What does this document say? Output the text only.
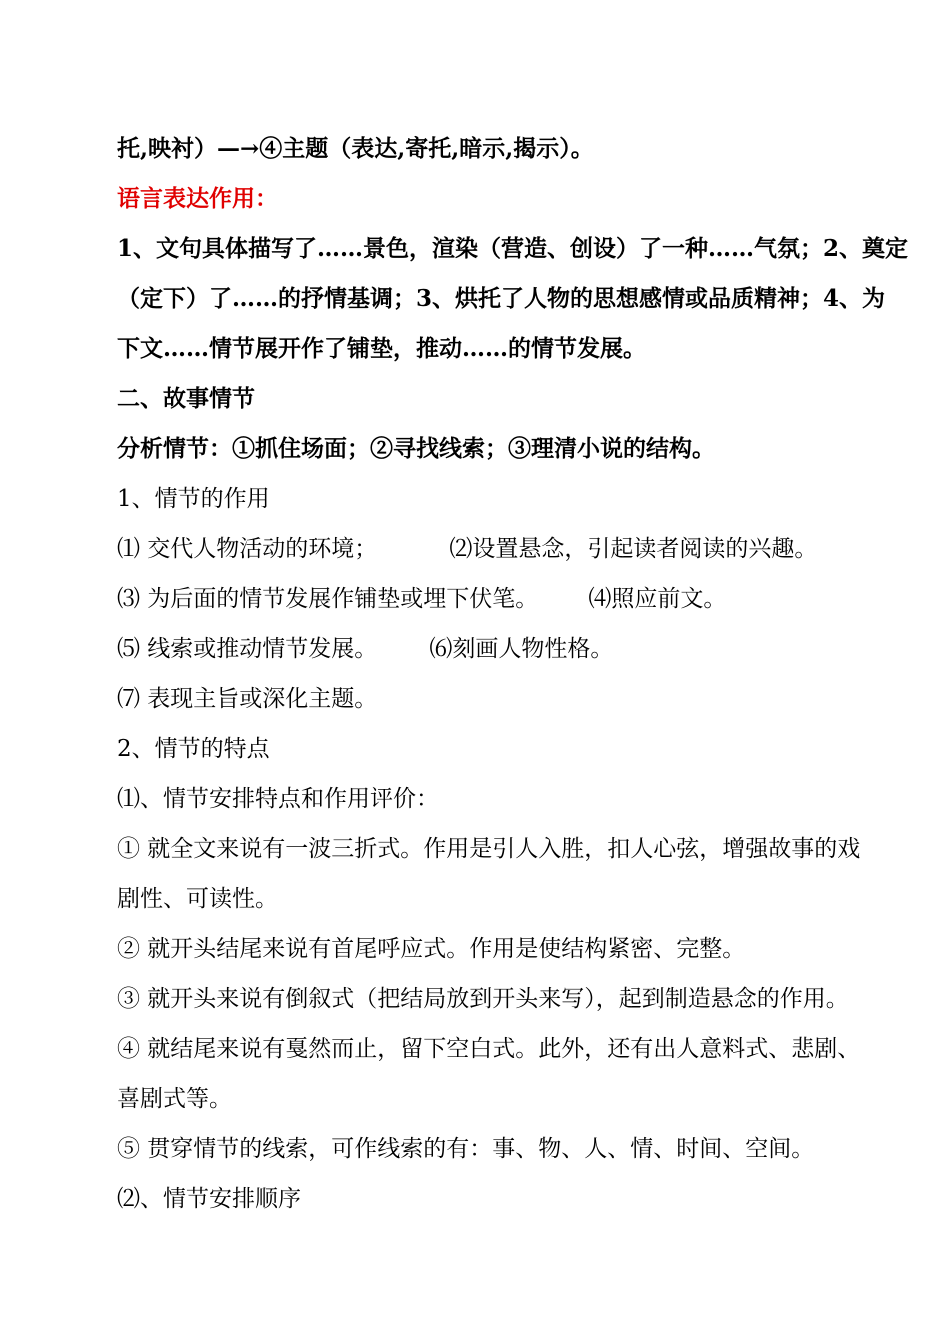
托,映衬）—→④主题（表达,寄托,暗示,揭示）。
语言表达作用：
1、文句具体描写了……景色，渲染（营造、创设）了一种……气氛；2、奠定
（定下）了……的抒情基调；3、烘托了人物的思想感情或品质精神；4、为
下文……情节展开作了铺垫，推动……的情节发展。
二、故事情节
分析情节：①抓住场面；②寻找线索；③理清小说的结构。
1、情节的作用
⑴ 交代人物活动的环境；	⑵设置悬念，引起读者阅读的兴趣。
⑶ 为后面的情节发展作铺垫或埋下伏笔。 ⑷照应前文。
⑸ 线索或推动情节发展。 ⑹刻画人物性格。
⑺ 表现主旨或深化主题。
2、情节的特点
⑴、情节安排特点和作用评价：
① 就全文来说有一波三折式。作用是引人入胜，扣人心弦，增强故事的戏
剧性、可读性。
② 就开头结尾来说有首尾呼应式。作用是使结构紧密、完整。
③ 就开头来说有倒叙式（把结局放到开头来写），起到制造悬念的作用。
④ 就结尾来说有戛然而止，留下空白式。此外，还有出人意料式、悲剧、
喜剧式等。
⑤ 贯穿情节的线索，可作线索的有：事、物、人、情、时间、空间。
⑵、情节安排顺序
